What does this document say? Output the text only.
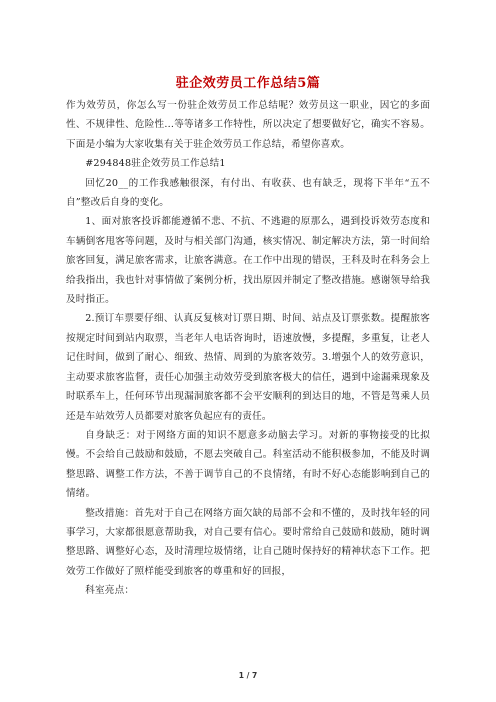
驻企效劳员工作总结5篇

作为效劳员，你怎么写一份驻企效劳员工作总结呢？效劳员这一职业，因它的多面性、不规律性、危险性...等等诸多工作特性，所以决定了想要做好它，确实不容易。下面是小编为大家收集有关于驻企效劳员工作总结，希望你喜欢。

#294848驻企效劳员工作总结1

回忆20__的工作我感触很深，有付出、有收获、也有缺乏，现将下半年“五不自”整改后自身的变化。

1、面对旅客投诉都能遵循不悲、不抗、不逃避的原那么，遇到投诉效劳态度和车辆倒客甩客等问题，及时与相关部门沟通，核实情况、制定解决方法，第一时间给旅客回复，满足旅客需求，让旅客满意。在工作中出现的错误，王科及时在科务会上给我指出，我也针对事情做了案例分析，找出原因并制定了整改措施。感谢领导给我及时指正。

2.预订车票要仔细、认真反复核对订票日期、时间、站点及订票张数。提醒旅客按规定时间到站内取票，当老年人电话咨询时，语速放慢，多提醒，多重复，让老人记住时间，做到了耐心、细致、热情、周到的为旅客效劳。3.增强个人的效劳意识，主动要求旅客监督，责任心加强主动效劳受到旅客极大的信任，遇到中途漏乘现象及时联系车上，任何环节出现漏洞旅客都不会平安顺利的到达目的地，不管是驾乘人员还是车站效劳人员都要对旅客负起应有的责任。

自身缺乏：对于网络方面的知识不愿意多动脑去学习。对新的事物接受的比拟慢。不会给自己鼓励和鼓励，不愿去突破自己。科室活动不能积极参加，不能及时调整思路、调整工作方法，不善于调节自己的不良情绪，有时不好心态能影响到自己的情绪。

整改措施：首先对于自己在网络方面欠缺的局部不会和不懂的，及时找年轻的同事学习，大家都很愿意帮助我，对自己要有信心。要时常给自己鼓励和鼓励，随时调整思路、调整好心态，及时清理垃圾情绪，让自己随时保持好的精神状态下工作。把效劳工作做好了照样能受到旅客的尊重和好的回报，

科室亮点：

1 / 7
